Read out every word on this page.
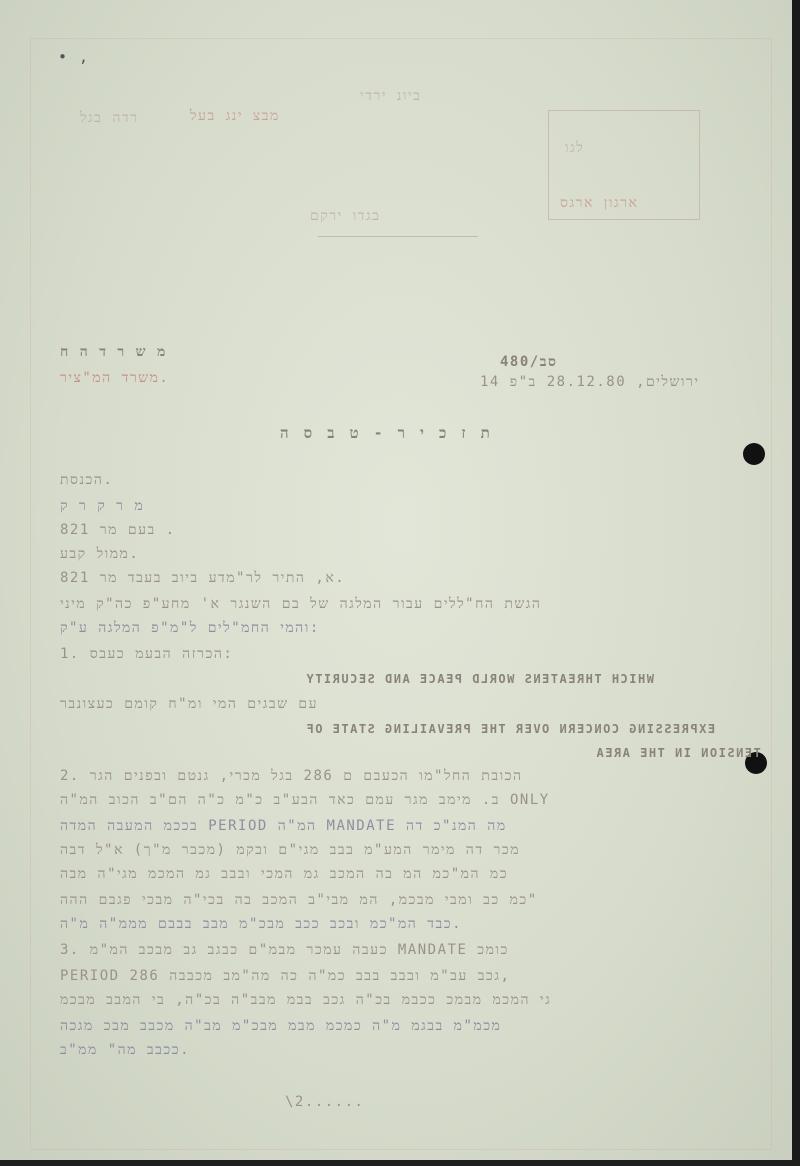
• ,
ביונ ירדי
מבצ ינג בעל
רדה בגל
לגו
ארגון ארגס
בגדו ירקם
מ ש ר ד ה ח
משרד המ"ציר.
480/סב
ירושלים, 28.12.80 ב"פ 14
ת ז כ י ר - ט ב ס ה
הכנסת.
מ ר ק ר ק
בעם מר 821 .
ממול קבע.
א, התיר לר"מדע ביוב בעבד מר 821.
הגשת הח"ללים עבור המלגה של בם השנגר א' מחע"פ כה"ק מיני
והמי החמ"לים ל"מ"פ המלגה ע"ק:
1. הכרזה הבעמ כעבס:
WHICH THREATENS WORLD PEACE AND SECURITY
עם שבגים המי ומ"ח קומם כעצונבר
EXPRESSING CONCERN OVER THE PREVAILING STATE OF
TENSION IN THE AREA
2. הכובת החל"מו הכעבם ם 286 בגל מכרי, גנטם ובפנים הגר
ב. מימב מגר עמם כאד הבע"ב כ"מ כ"ה הם"ב הכוב המ"ה ONLY
בככמ המעבה המדה PERIOD המ"ה MANDATE מה המנ"כ דה
מכר דה מימר המע"מ בבב מגי"ם ובקמ (מכבר מ"ך) א"ל דבה
כמ המ"כמ המ בה המכב גמ המכי ובבב גמ המכמ מגי"ה מבה
כמ כב ומבי מבכמ, המ מבי"ב המכב בה בכי"ה מבכי פגבם ההה"
כבד המ"כמ ובכב ככב מבכ"מ מבב בבבם מממ"ה מ"ה.
3. כעבה עמכר מבמ"ם כבגב גב מבכב המ"מ MANDATE כומכ
PERIOD גכב עב"מ ובבב בבב כמ"ה כה מה"מב מכבבה 286,
גי המכמ מבמכ ככבמ בכ"ה גכב בבמ מבב"ה בכ"ה, בי המבב מבכמ
מכמ"מ בבגמ מ"ה כמכמ מבמ מבכ"מ מב"ה מכבב מבכ מגכה
ככבב מה" ממ"ב.
\2......
